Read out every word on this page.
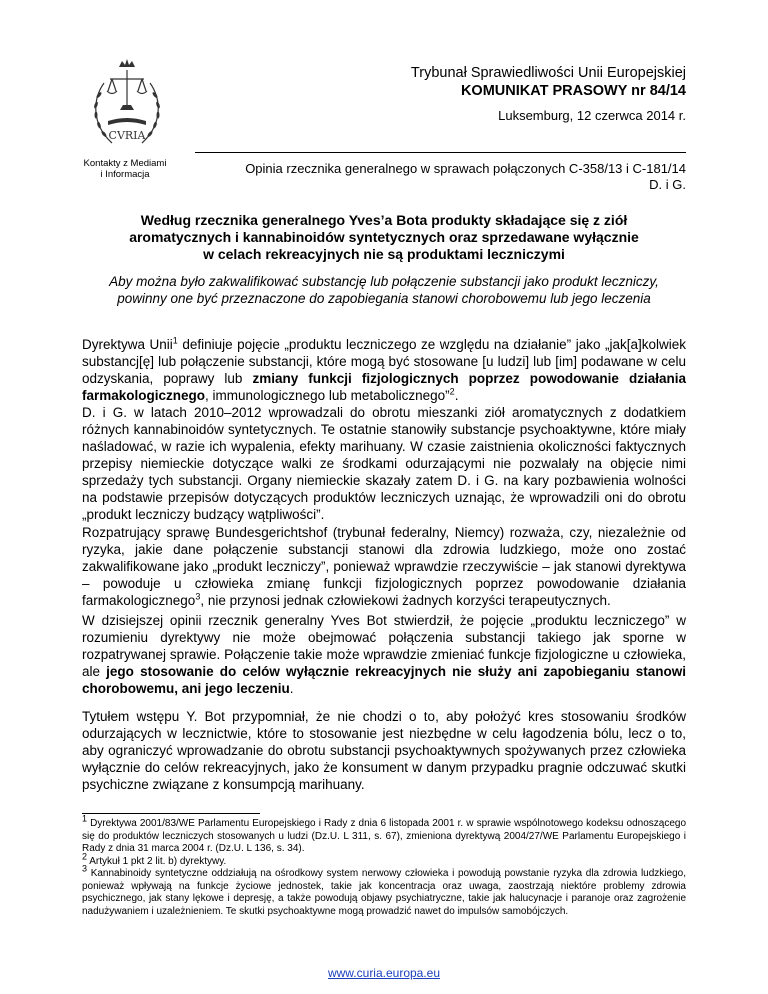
CVRIA
Kontakty z Mediami
i Informacja
Trybunał Sprawiedliwości Unii Europejskiej
KOMUNIKAT PRASOWY nr 84/14
Luksemburg, 12 czerwca 2014 r.
Opinia rzecznika generalnego w sprawach połączonych C-358/13 i C-181/14
D. i G.
Według rzecznika generalnego Yves’a Bota produkty składające się z ziół
aromatycznych i kannabinoidów syntetycznych oraz sprzedawane wyłącznie
w celach rekreacyjnych nie są produktami leczniczymi
Aby można było zakwalifikować substancję lub połączenie substancji jako produkt leczniczy,
powinny one być przeznaczone do zapobiegania stanowi chorobowemu lub jego leczenia
Dyrektywa Unii$^1$ definiuje pojęcie „produktu leczniczego ze względu na działanie” jako „jak[a]kolwiek substancj[ę] lub połączenie substancji, które mogą być stosowane [u ludzi] lub [im] podawane w celu odzyskania, poprawy lub zmiany funkcji fizjologicznych poprzez powodowanie działania farmakologicznego, immunologicznego lub metabolicznego”$^2$.
D. i G. w latach 2010–2012 wprowadzali do obrotu mieszanki ziół aromatycznych z dodatkiem różnych kannabinoidów syntetycznych. Te ostatnie stanowiły substancje psychoaktywne, które miały naśladować, w razie ich wypalenia, efekty marihuany. W czasie zaistnienia okoliczności faktycznych przepisy niemieckie dotyczące walki ze środkami odurzającymi nie pozwalały na objęcie nimi sprzedaży tych substancji. Organy niemieckie skazały zatem D. i G. na kary pozbawienia wolności na podstawie przepisów dotyczących produktów leczniczych uznając, że wprowadzili oni do obrotu „produkt leczniczy budzący wątpliwości”.
Rozpatrujący sprawę Bundesgerichtshof (trybunał federalny, Niemcy) rozważa, czy, niezależnie od ryzyka, jakie dane połączenie substancji stanowi dla zdrowia ludzkiego, może ono zostać zakwalifikowane jako „produkt leczniczy”, ponieważ wprawdzie rzeczywiście – jak stanowi dyrektywa – powoduje u człowieka zmianę funkcji fizjologicznych poprzez powodowanie działania farmakologicznego$^3$, nie przynosi jednak człowiekowi żadnych korzyści terapeutycznych.
W dzisiejszej opinii rzecznik generalny Yves Bot stwierdził, że pojęcie „produktu leczniczego” w rozumieniu dyrektywy nie może obejmować połączenia substancji takiego jak sporne w rozpatrywanej sprawie. Połączenie takie może wprawdzie zmieniać funkcje fizjologiczne u człowieka, ale jego stosowanie do celów wyłącznie rekreacyjnych nie służy ani zapobieganiu stanowi chorobowemu, ani jego leczeniu.
Tytułem wstępu Y. Bot przypomniał, że nie chodzi o to, aby położyć kres stosowaniu środków odurzających w lecznictwie, które to stosowanie jest niezbędne w celu łagodzenia bólu, lecz o to, aby ograniczyć wprowadzanie do obrotu substancji psychoaktywnych spożywanych przez człowieka wyłącznie do celów rekreacyjnych, jako że konsument w danym przypadku pragnie odczuwać skutki psychiczne związane z konsumpcją marihuany.

$^1$ Dyrektywa 2001/83/WE Parlamentu Europejskiego i Rady z dnia 6 listopada 2001 r. w sprawie wspólnotowego kodeksu odnoszącego się do produktów leczniczych stosowanych u ludzi (Dz.U. L 311, s. 67), zmieniona dyrektywą 2004/27/WE Parlamentu Europejskiego i Rady z dnia 31 marca 2004 r. (Dz.U. L 136, s. 34).

$^2$ Artykuł 1 pkt 2 lit. b) dyrektywy.

$^3$ Kannabinoidy syntetyczne oddziałują na ośrodkowy system nerwowy człowieka i powodują powstanie ryzyka dla zdrowia ludzkiego, ponieważ wpływają na funkcje życiowe jednostek, takie jak koncentracja oraz uwaga, zaostrzają niektóre problemy zdrowia psychicznego, jak stany lękowe i depresję, a także powodują objawy psychiatryczne, takie jak halucynacje i paranoje oraz zagrożenie nadużywaniem i uzależnieniem. Te skutki psychoaktywne mogą prowadzić nawet do impulsów samobójczych.

www.curia.europa.eu
